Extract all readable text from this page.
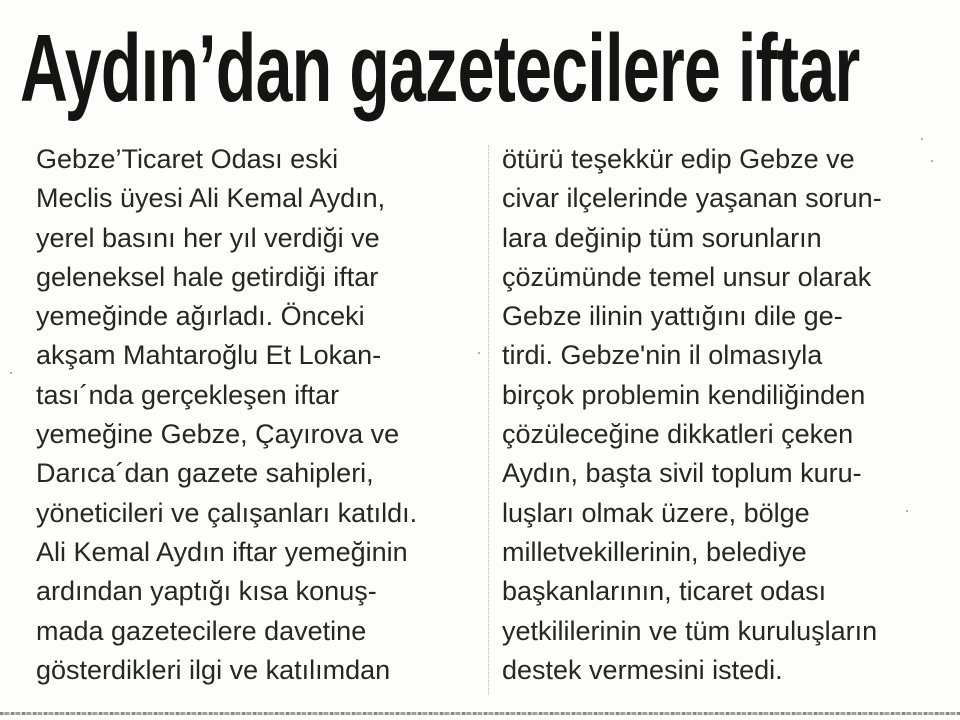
Aydın’dan gazetecilere iftar
Gebze’Ticaret Odası eski
Meclis üyesi Ali Kemal Aydın,
yerel basını her yıl verdiği ve
geleneksel hale getirdiği iftar
yemeğinde ağırladı. Önceki
akşam Mahtaroğlu Et Lokan-
tası´nda gerçekleşen iftar
yemeğine Gebze, Çayırova ve
Darıca´dan gazete sahipleri,
yöneticileri ve çalışanları katıldı.
Ali Kemal Aydın iftar yemeğinin
ardından yaptığı kısa konuş-
mada gazetecilere davetine
gösterdikleri ilgi ve katılımdan
ötürü teşekkür edip Gebze ve
civar ilçelerinde yaşanan sorun-
lara değinip tüm sorunların
çözümünde temel unsur olarak
Gebze ilinin yattığını dile ge-
tirdi. Gebze'nin il olmasıyla
birçok problemin kendiliğinden
çözüleceğine dikkatleri çeken
Aydın, başta sivil toplum kuru-
luşları olmak üzere, bölge
milletvekillerinin, belediye
başkanlarının, ticaret odası
yetkililerinin ve tüm kuruluşların
destek vermesini istedi.
